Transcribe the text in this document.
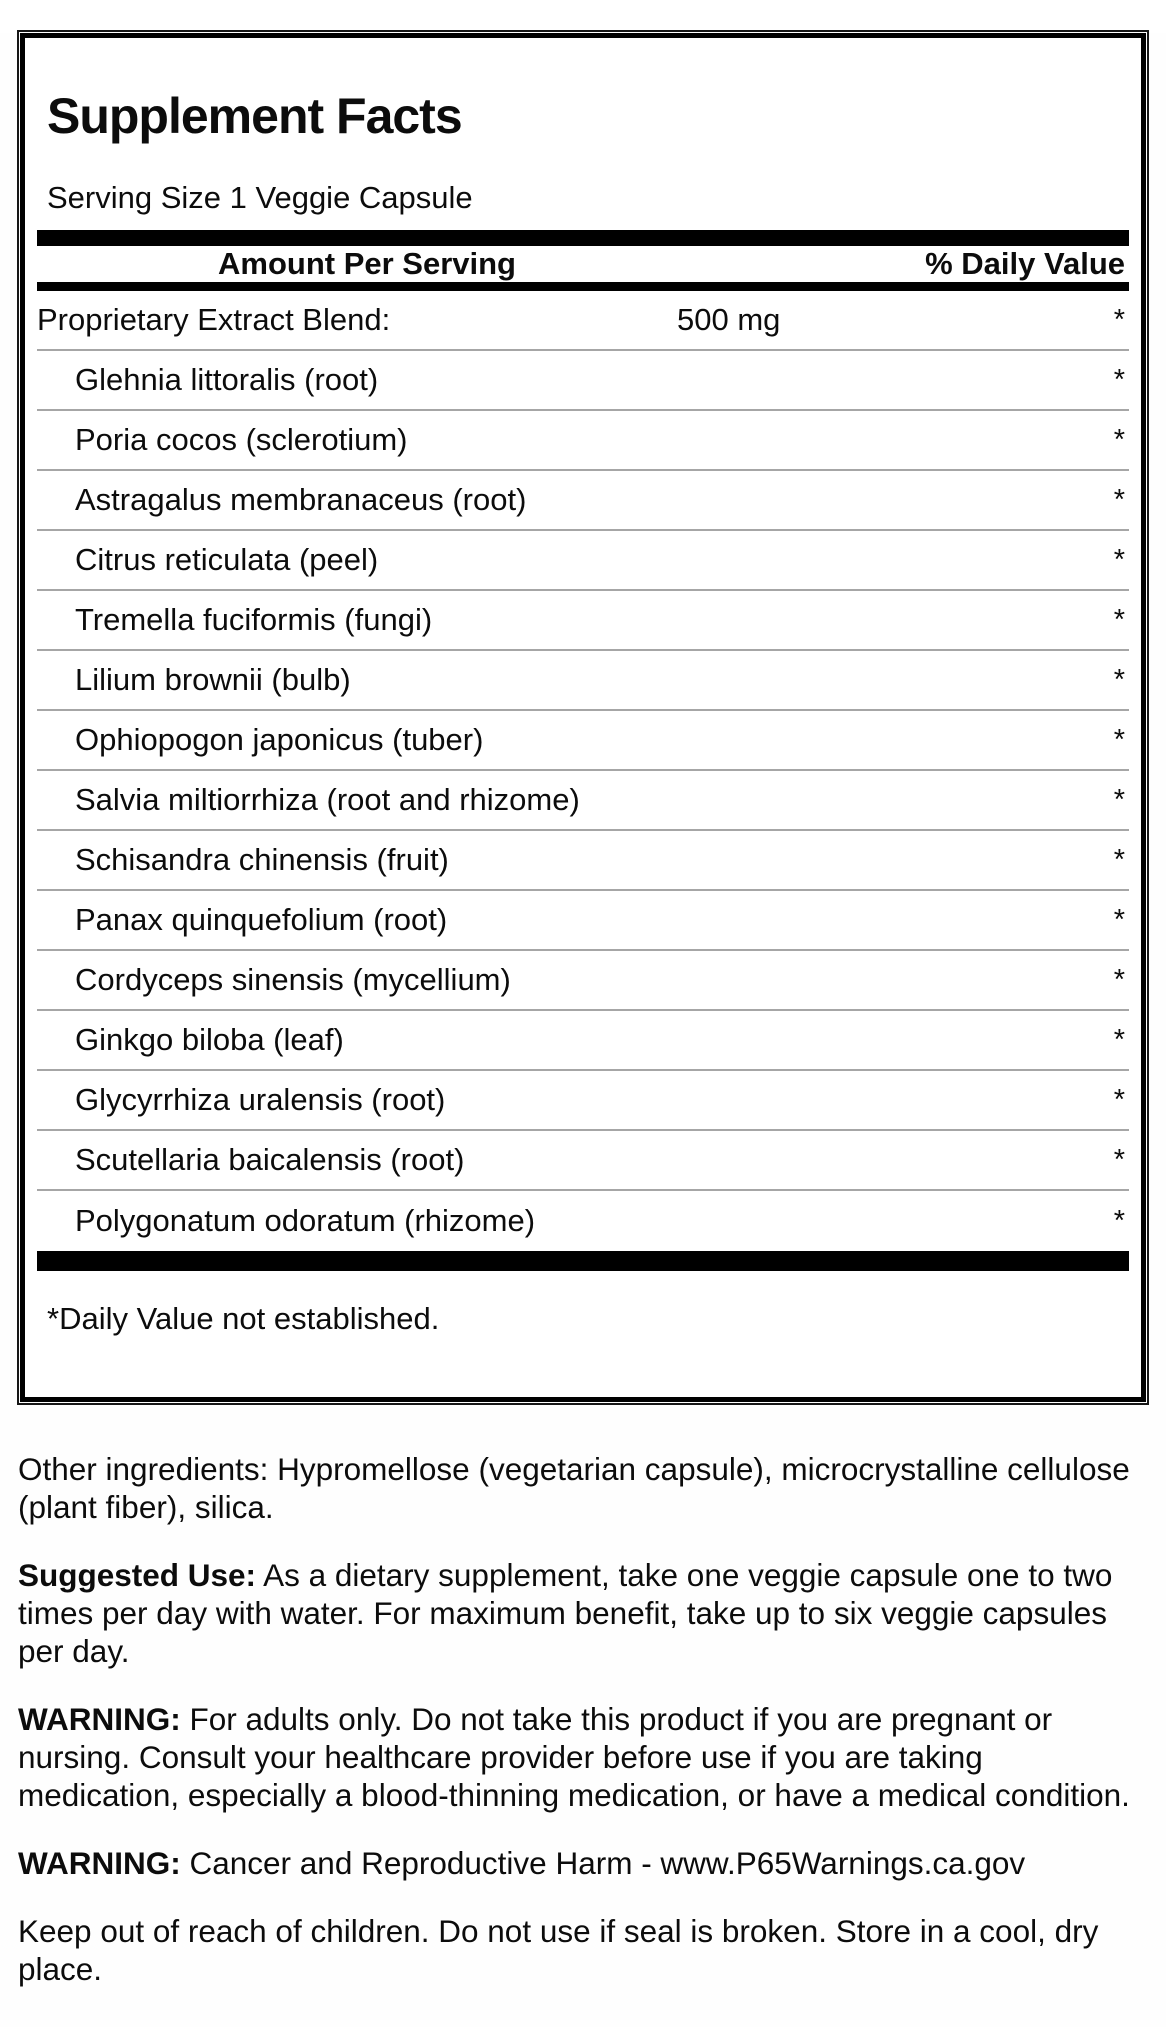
Supplement Facts
Serving Size 1 Veggie Capsule
Amount Per Serving	% Daily Value
Proprietary Extract Blend:	500 mg	*
Glehnia littoralis (root)	*
Poria cocos (sclerotium)	*
Astragalus membranaceus (root)	*
Citrus reticulata (peel)	*
Tremella fuciformis (fungi)	*
Lilium brownii (bulb)	*
Ophiopogon japonicus (tuber)	*
Salvia miltiorrhiza (root and rhizome)	*
Schisandra chinensis (fruit)	*
Panax quinquefolium (root)	*
Cordyceps sinensis (mycellium)	*
Ginkgo biloba (leaf)	*
Glycyrrhiza uralensis (root)	*
Scutellaria baicalensis (root)	*
Polygonatum odoratum (rhizome)	*
*Daily Value not established.

Other ingredients: Hypromellose (vegetarian capsule), microcrystalline cellulose (plant fiber), silica.

Suggested Use: As a dietary supplement, take one veggie capsule one to two times per day with water. For maximum benefit, take up to six veggie capsules per day.

WARNING: For adults only. Do not take this product if you are pregnant or nursing. Consult your healthcare provider before use if you are taking medication, especially a blood-thinning medication, or have a medical condition.

WARNING: Cancer and Reproductive Harm - www.P65Warnings.ca.gov

Keep out of reach of children. Do not use if seal is broken. Store in a cool, dry place.
